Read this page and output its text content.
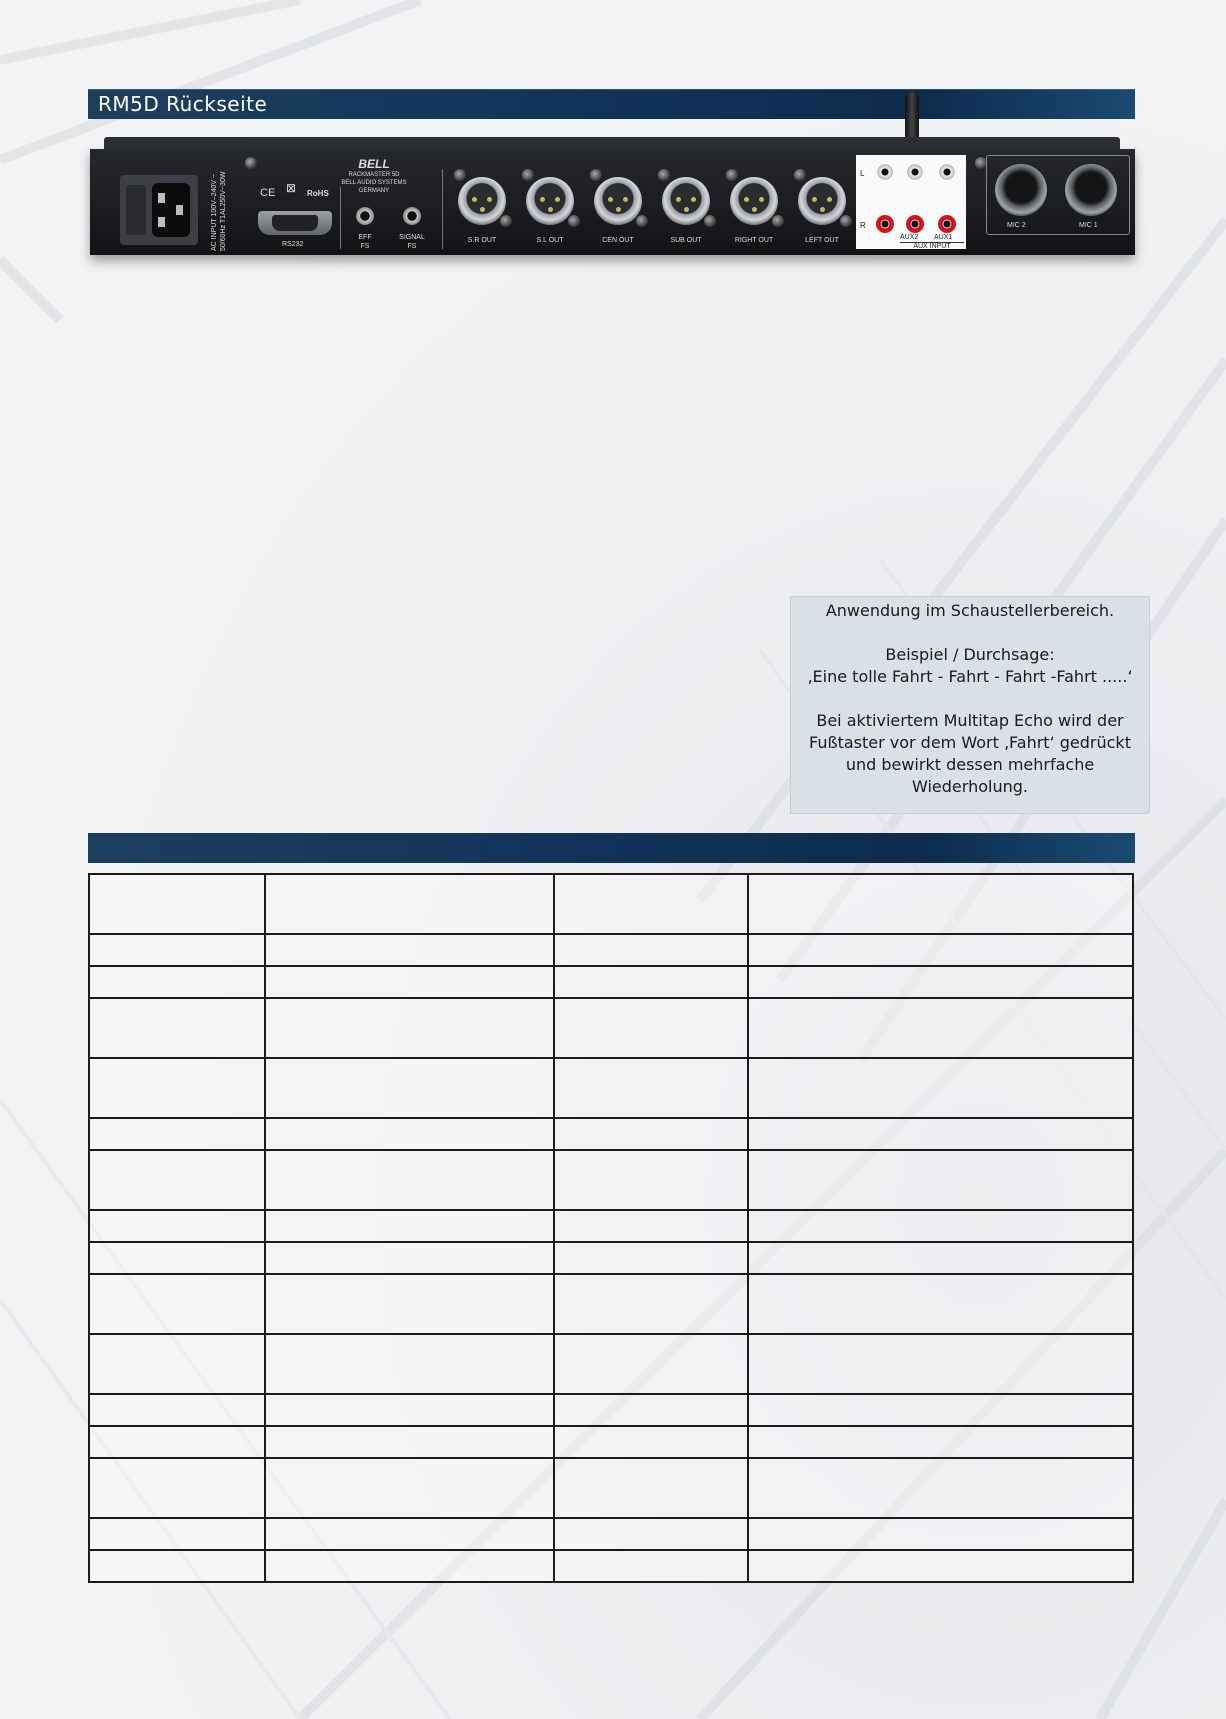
RM5D Rückseite
AC INPUT 100V–240V ~ 50/60Hz T1AL250V~30W	CE ⊠ RoHS
RS232
BELL
RACKMASTER 5D
BELL AUDIO SYSTEMS
GERMANY
EFF
FS
SIGNAL
FS
L
R
AUX2 AUX1
AUX INPUT
MIC 2	MIC 1
S.R OUT	S.L OUT	CEN OUT	SUB OUT	RIGHT OUT	LEFT OUT

Anwendung im Schaustellerbereich.

Beispiel / Durchsage:

‚Eine tolle Fahrt - Fahrt - Fahrt -Fahrt .....‘

Bei aktiviertem Multitap Echo wird der

Fußtaster vor dem Wort ‚Fahrt‘ gedrückt

und bewirkt dessen mehrfache

Wiederholung.
